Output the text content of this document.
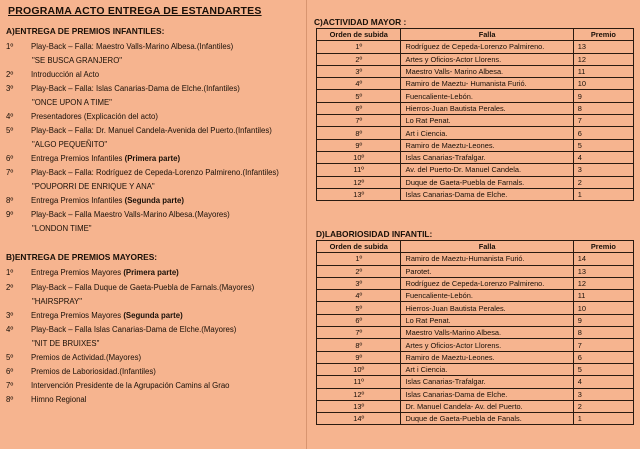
PROGRAMA ACTO ENTREGA DE ESTANDARTES
A)ENTREGA DE PREMIOS INFANTILES:
1º	Play-Back – Falla: Maestro Valls-Marino Albesa.(Infantiles)
"SE BUSCA GRANJERO"
2º	Introducción al Acto
3º	Play-Back – Falla: Islas Canarias-Dama de Elche.(Infantiles)
"ONCE UPON A TIME"
4º	Presentadores (Explicación del acto)
5º	Play-Back – Falla: Dr. Manuel Candela-Avenida del Puerto.(Infantiles)
"ALGO PEQUEÑITO"
6º	Entrega Premios Infantiles (Primera parte)
7º	Play-Back – Falla: Rodríguez de Cepeda-Lorenzo Palmireno.(Infantiles)
"POUPORRI DE ENRIQUE Y ANA"
8º	Entrega Premios Infantiles (Segunda parte)
9º	Play-Back – Falla Maestro Valls-Marino Albesa.(Mayores)
"LONDON TIME"
B)ENTREGA DE PREMIOS MAYORES:
1º	Entrega Premios Mayores (Primera parte)
2º	Play-Back – Falla Duque de Gaeta-Puebla de Farnals.(Mayores)
"HAIRSPRAY"
3º	Entrega Premios Mayores (Segunda parte)
4º	Play-Back – Falla Islas Canarias-Dama de Elche.(Mayores)
"NIT DE BRUIXES"
5º	Premios de Actividad.(Mayores)
6º	Premios de Laboriosidad.(Infantiles)
7º	Intervención Presidente de la Agrupación Camins al Grao
8º	Himno Regional
C)ACTIVIDAD MAYOR :
Orden de subida	Falla	Premio
1º	Rodríguez de Cepeda-Lorenzo Palmireno.	13
2º	Artes y Oficios-Actor Llorens.	12
3º	Maestro Valls- Marino Albesa.	11
4º	Ramiro de Maeztu- Humanista Furió.	10
5º	Fuencaliente-Lebón.	9
6º	Hierros-Juan Bautista Perales.	8
7º	Lo Rat Penat.	7
8º	Art i Ciencia.	6
9º	Ramiro de Maeztu-Leones.	5
10º	Islas Canarias-Trafalgar.	4
11º	Av. del Puerto-Dr. Manuel Candela.	3
12º	Duque de Gaeta-Puebla de Farnals.	2
13º	Islas Canarias-Dama de Elche.	1
D)LABORIOSIDAD INFANTIL:
Orden de subida	Falla	Premio
1º	Ramiro de Maeztu-Humanista Furió.	14
2º	Parotet.	13
3º	Rodríguez de Cepeda-Lorenzo Palmireno.	12
4º	Fuencaliente-Lebón.	11
5º	Hierros-Juan Bautista Perales.	10
6º	Lo Rat Penat.	9
7º	Maestro Valls-Marino Albesa.	8
8º	Artes y Oficios-Actor Llorens.	7
9º	Ramiro de Maeztu-Leones.	6
10º	Art i Ciencia.	5
11º	Islas Canarias-Trafalgar.	4
12º	Islas Canarias-Dama de Elche.	3
13º	Dr. Manuel Candela- Av. del Puerto.	2
14º	Duque de Gaeta-Puebla de Fanals.	1
